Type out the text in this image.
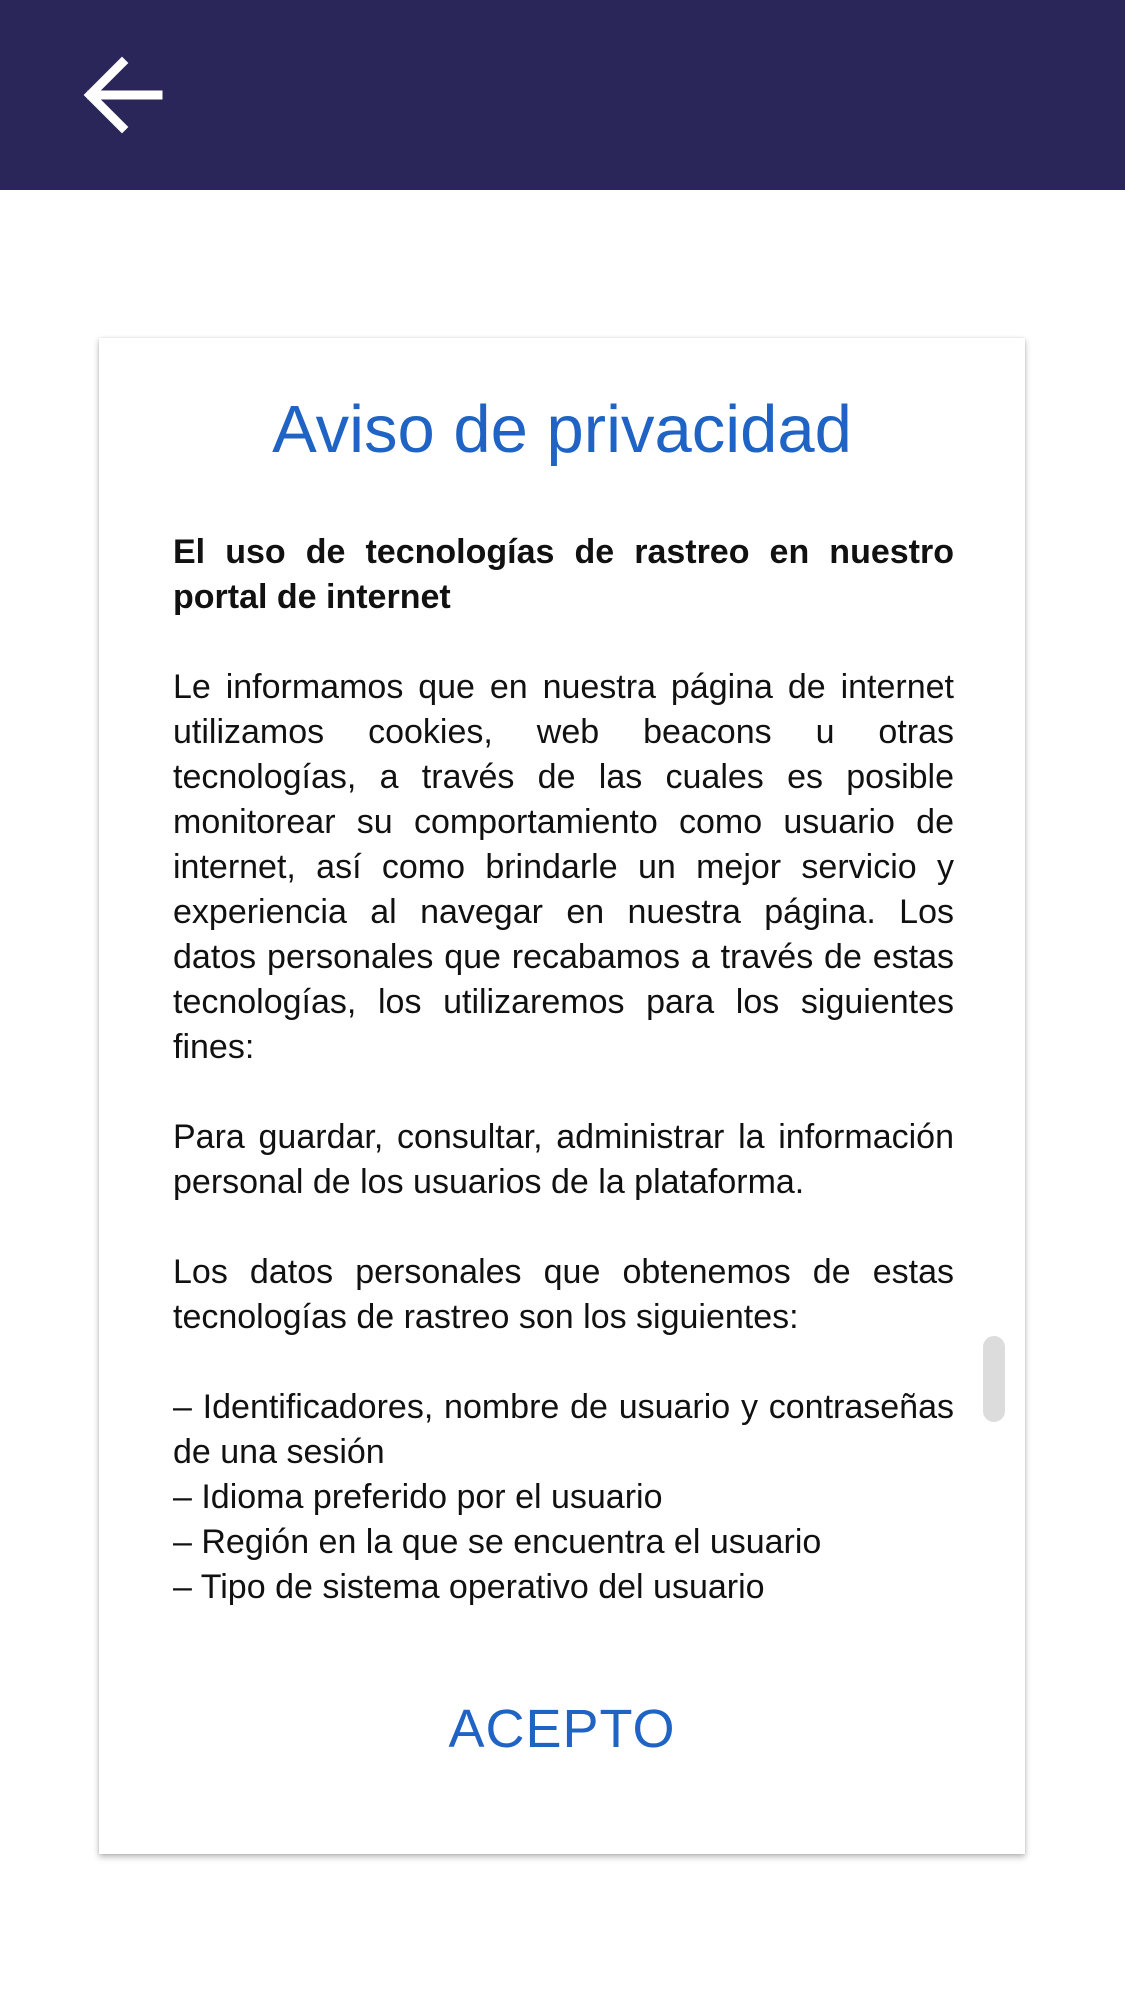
Aviso de privacidad

El uso de tecnologías de rastreo en nuestro portal de internet

Le informamos que en nuestra página de internet utilizamos cookies, web beacons u otras tecnologías, a través de las cuales es posible monitorear su comportamiento como usuario de internet, así como brindarle un mejor servicio y experiencia al navegar en nuestra página. Los datos personales que recabamos a través de estas tecnologías, los utilizaremos para los siguientes fines:

Para guardar, consultar, administrar la información personal de los usuarios de la plataforma.

Los datos personales que obtenemos de estas tecnologías de rastreo son los siguientes:

– Identificadores, nombre de usuario y contraseñas de una sesión
– Idioma preferido por el usuario
– Región en la que se encuentra el usuario
– Tipo de sistema operativo del usuario
ACEPTO
